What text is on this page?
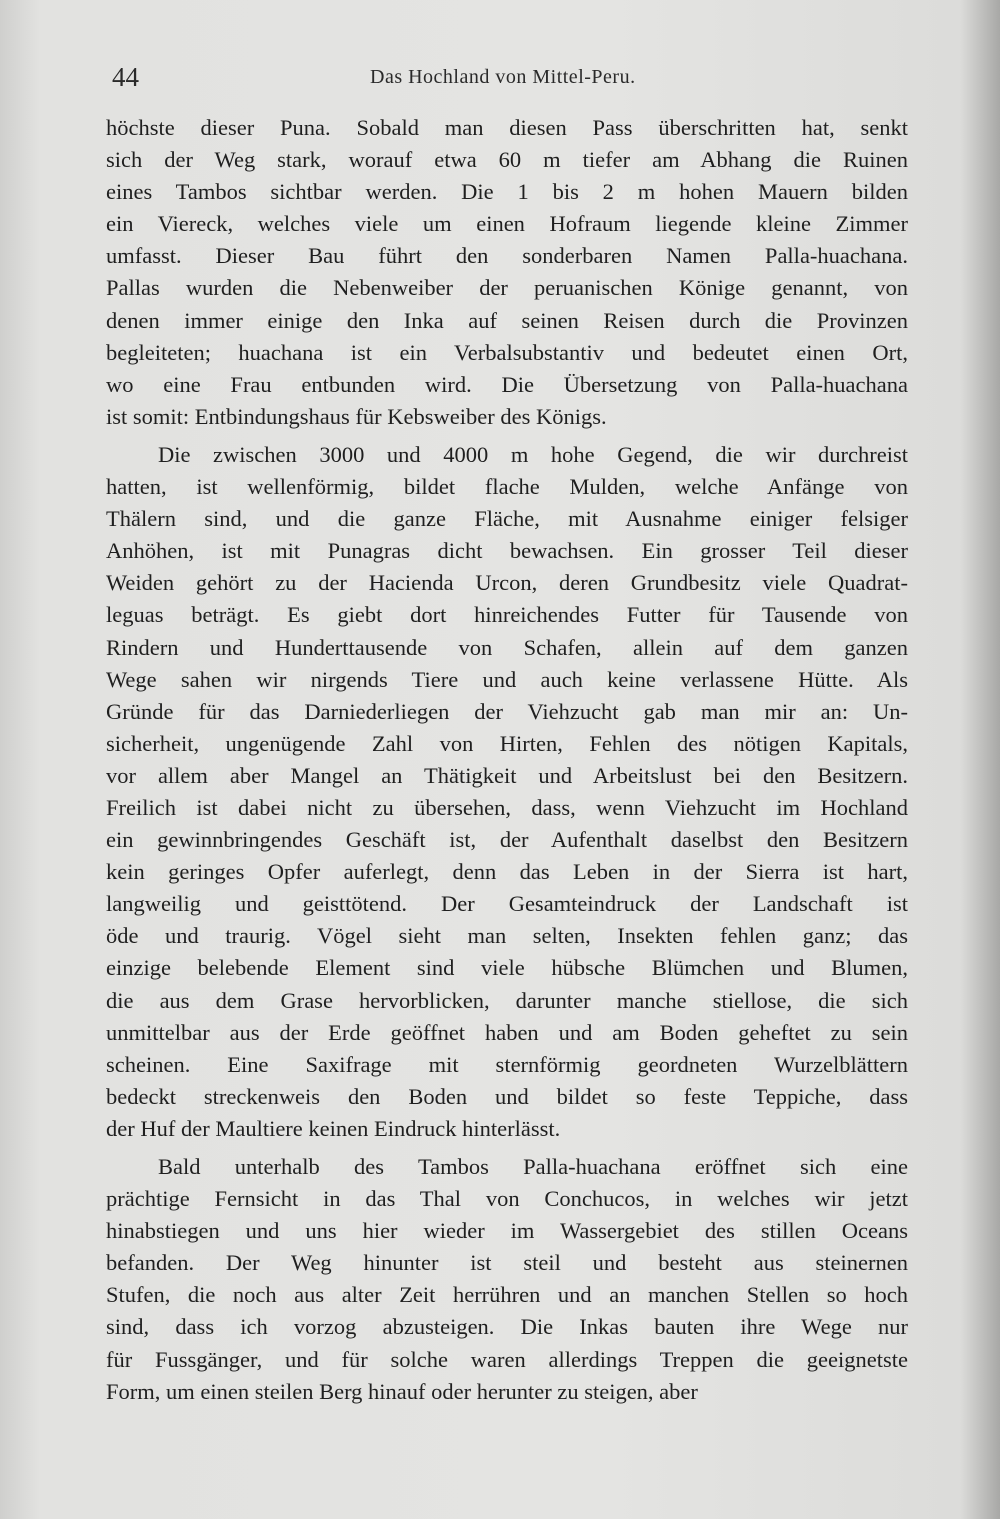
44	Das Hochland von Mittel-Peru.
höchste dieser Puna. Sobald man diesen Pass überschritten hat, senkt
sich der Weg stark, worauf etwa 60 m tiefer am Abhang die Ruinen
eines Tambos sichtbar werden. Die 1 bis 2 m hohen Mauern bilden
ein Viereck, welches viele um einen Hofraum liegende kleine Zimmer
umfasst. Dieser Bau führt den sonderbaren Namen Palla-huachana.
Pallas wurden die Nebenweiber der peruanischen Könige genannt, von
denen immer einige den Inka auf seinen Reisen durch die Provinzen
begleiteten; huachana ist ein Verbalsubstantiv und bedeutet einen Ort,
wo eine Frau entbunden wird. Die Übersetzung von Palla-huachana
ist somit: Entbindungshaus für Kebsweiber des Königs.
Die zwischen 3000 und 4000 m hohe Gegend, die wir durchreist
hatten, ist wellenförmig, bildet flache Mulden, welche Anfänge von
Thälern sind, und die ganze Fläche, mit Ausnahme einiger felsiger
Anhöhen, ist mit Punagras dicht bewachsen. Ein grosser Teil dieser
Weiden gehört zu der Hacienda Urcon, deren Grundbesitz viele Quadrat-
leguas beträgt. Es giebt dort hinreichendes Futter für Tausende von
Rindern und Hunderttausende von Schafen, allein auf dem ganzen
Wege sahen wir nirgends Tiere und auch keine verlassene Hütte. Als
Gründe für das Darniederliegen der Viehzucht gab man mir an: Un-
sicherheit, ungenügende Zahl von Hirten, Fehlen des nötigen Kapitals,
vor allem aber Mangel an Thätigkeit und Arbeitslust bei den Besitzern.
Freilich ist dabei nicht zu übersehen, dass, wenn Viehzucht im Hochland
ein gewinnbringendes Geschäft ist, der Aufenthalt daselbst den Besitzern
kein geringes Opfer auferlegt, denn das Leben in der Sierra ist hart,
langweilig und geisttötend. Der Gesamteindruck der Landschaft ist
öde und traurig. Vögel sieht man selten, Insekten fehlen ganz; das
einzige belebende Element sind viele hübsche Blümchen und Blumen,
die aus dem Grase hervorblicken, darunter manche stiellose, die sich
unmittelbar aus der Erde geöffnet haben und am Boden geheftet zu sein
scheinen. Eine Saxifrage mit sternförmig geordneten Wurzelblättern
bedeckt streckenweis den Boden und bildet so feste Teppiche, dass
der Huf der Maultiere keinen Eindruck hinterlässt.
Bald unterhalb des Tambos Palla-huachana eröffnet sich eine
prächtige Fernsicht in das Thal von Conchucos, in welches wir jetzt
hinabstiegen und uns hier wieder im Wassergebiet des stillen Oceans
befanden. Der Weg hinunter ist steil und besteht aus steinernen
Stufen, die noch aus alter Zeit herrühren und an manchen Stellen so hoch
sind, dass ich vorzog abzusteigen. Die Inkas bauten ihre Wege nur
für Fussgänger, und für solche waren allerdings Treppen die geeignetste
Form, um einen steilen Berg hinauf oder herunter zu steigen, aber
